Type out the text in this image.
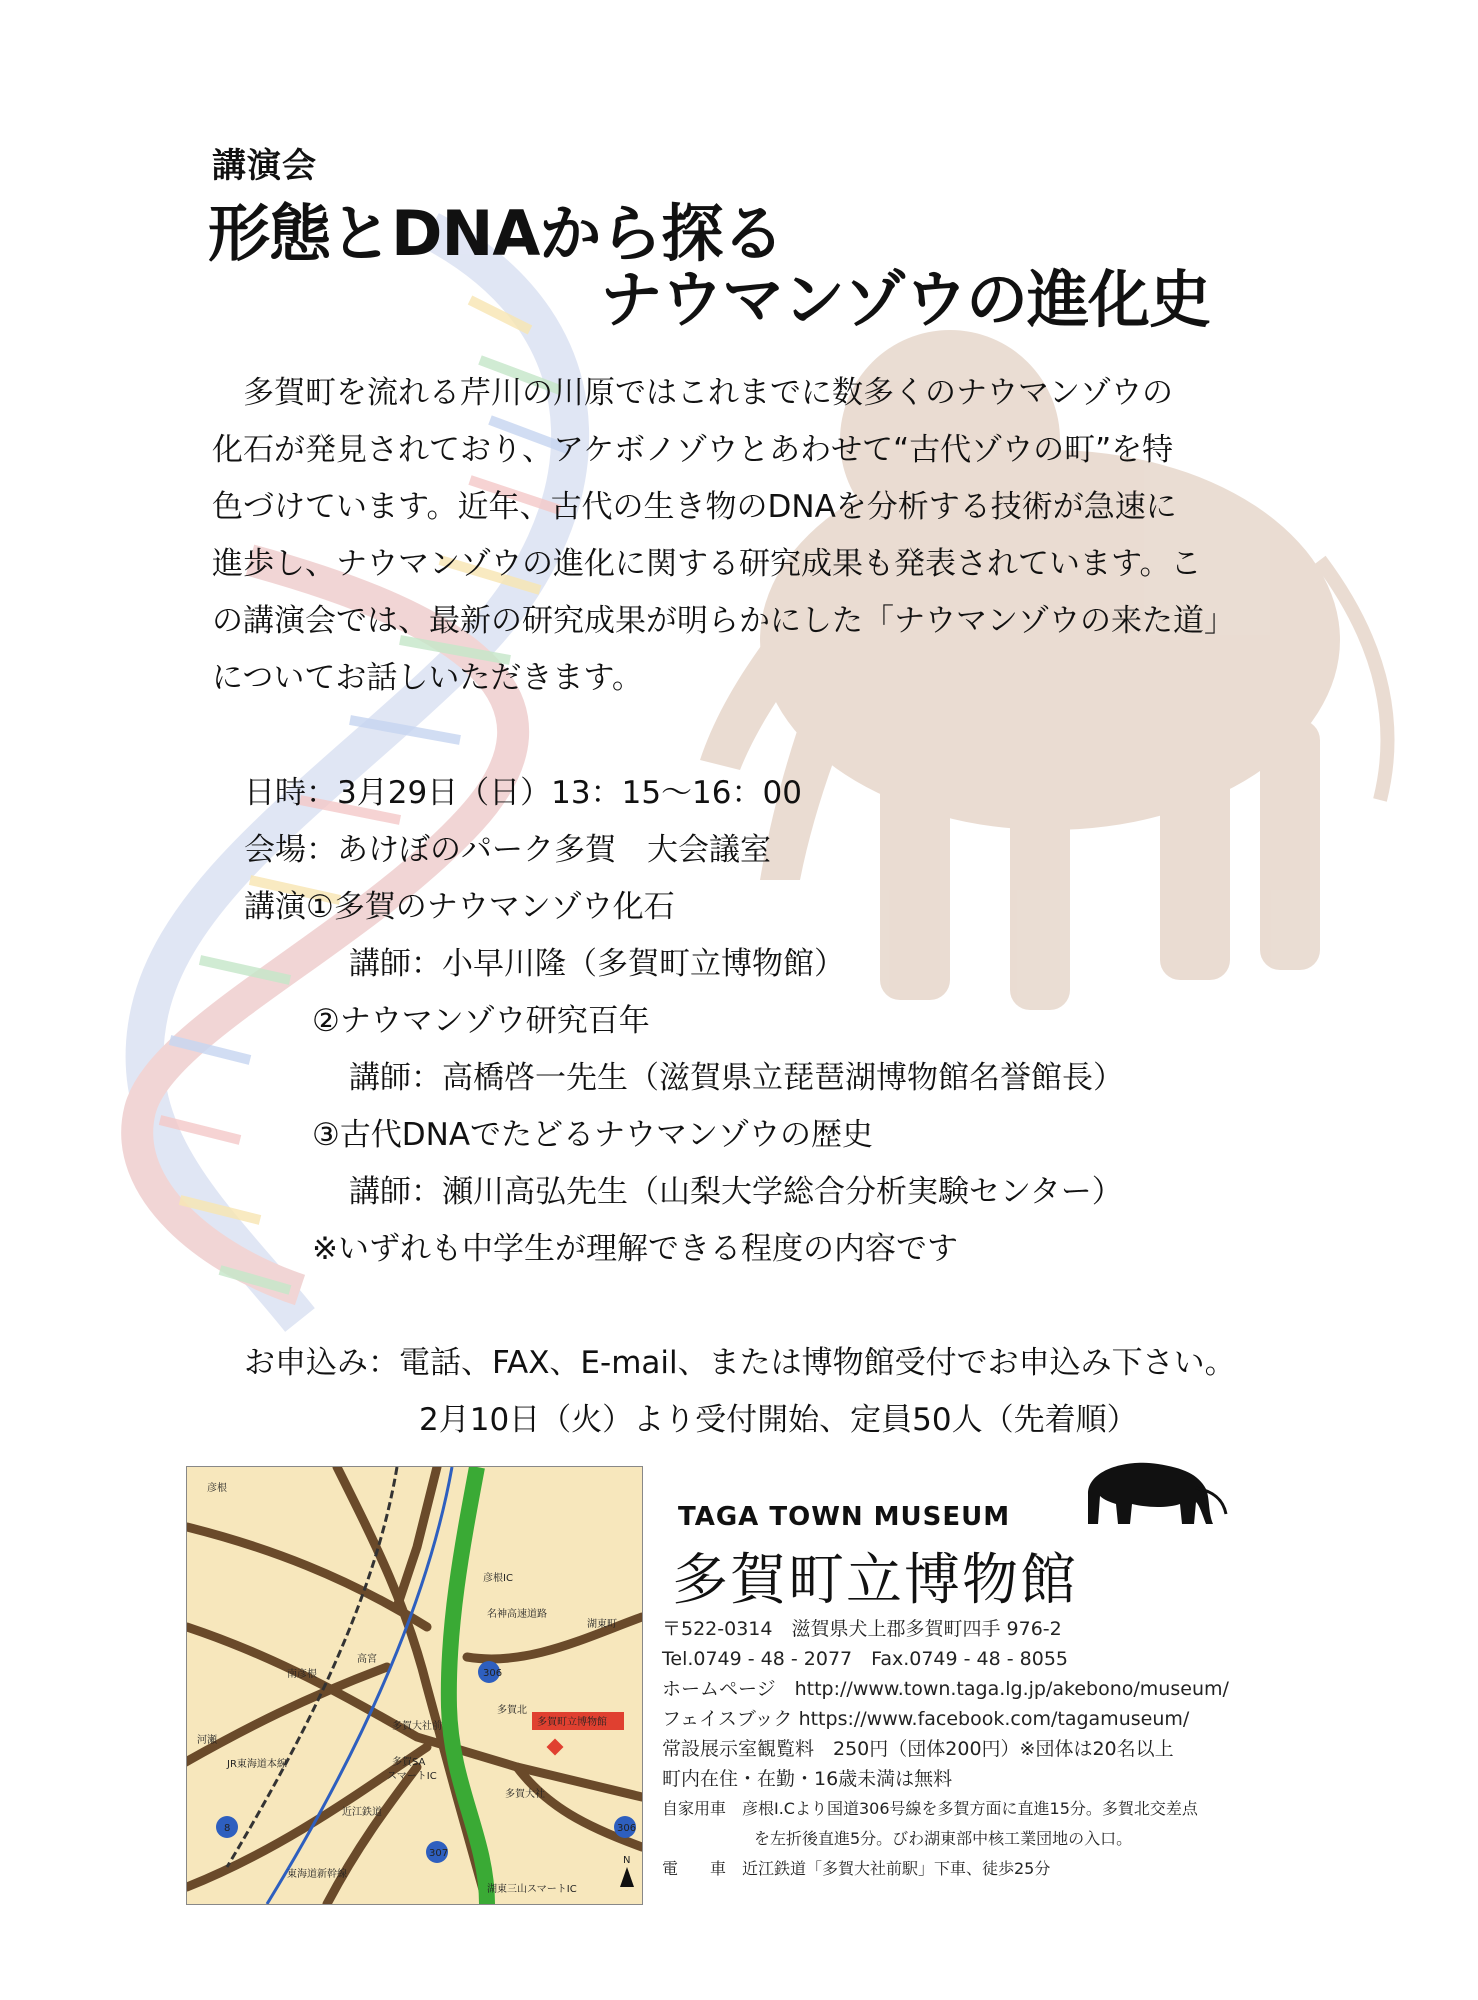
講演会
形態とDNAから探る
ナウマンゾウの進化史
　多賀町を流れる芹川の川原ではこれまでに数多くのナウマンゾウの
化石が発見されており、アケボノゾウとあわせて“古代ゾウの町”を特
色づけています。近年、古代の生き物のDNAを分析する技術が急速に
進歩し、ナウマンゾウの進化に関する研究成果も発表されています。こ
の講演会では、最新の研究成果が明らかにした「ナウマンゾウの来た道」
についてお話しいただきます。
日時：3月29日（日）13：15～16：00
会場：あけぼのパーク多賀　大会議室
講演①多賀のナウマンゾウ化石
講師：小早川隆（多賀町立博物館）
②ナウマンゾウ研究百年
講師：高橋啓一先生（滋賀県立琵琶湖博物館名誉館長）
③古代DNAでたどるナウマンゾウの歴史
講師：瀬川高弘先生（山梨大学総合分析実験センター）
※いずれも中学生が理解できる程度の内容です
お申込み：電話、FAX、E-mail、または博物館受付でお申込み下さい。
2月10日（火）より受付開始、定員50人（先着順）
306
306
307
8
彦根IC
多賀大社前
多賀SA
スマートIC
多賀大社
多賀町立博物館
多賀北
湖東三山スマートIC
近江鉄道
東海道新幹線
JR東海道本線
名神高速道路
彦根
南彦根
河瀬
高宮
湖東町
N
TAGA TOWN MUSEUM
多賀町立博物館
〒522-0314　滋賀県犬上郡多賀町四手 976-2
Tel.0749 - 48 - 2077　Fax.0749 - 48 - 8055
ホームページ　http://www.town.taga.lg.jp/akebono/museum/
フェイスブック https://www.facebook.com/tagamuseum/
常設展示室観覧料　250円（団体200円）※団体は20名以上
町内在住・在勤・16歳未満は無料
自家用車　彦根I.Cより国道306号線を多賀方面に直進15分。多賀北交差点
を左折後直進5分。びわ湖東部中核工業団地の入口。
電　　車　近江鉄道「多賀大社前駅」下車、徒歩25分
